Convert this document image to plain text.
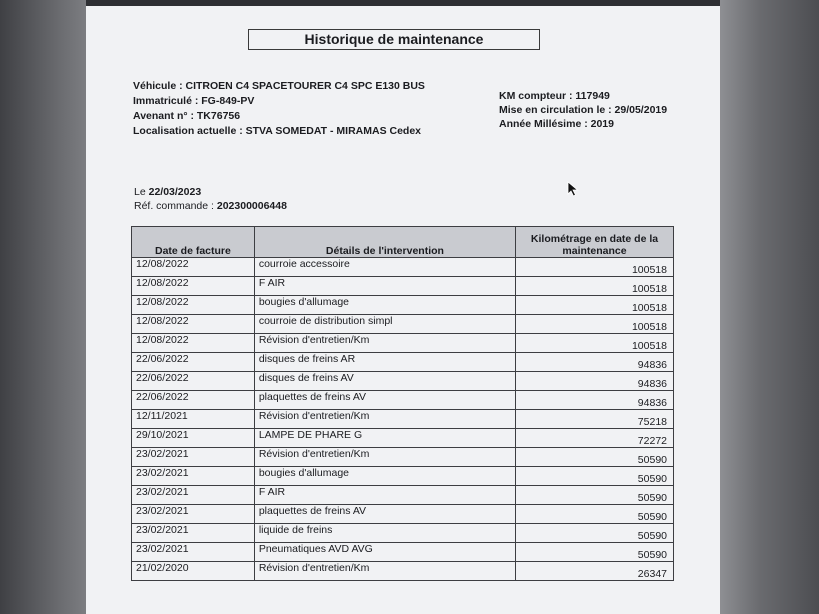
Historique de maintenance
Véhicule : CITROEN C4 SPACETOURER C4 SPC E130 BUS
Immatriculé : FG-849-PV
Avenant n° : TK76756
Localisation actuelle : STVA SOMEDAT - MIRAMAS Cedex
KM compteur : 117949
Mise en circulation le : 29/05/2019
Année Millésime : 2019
Le 22/03/2023
Réf. commande : 202300006448
Date de facture	Détails de l'intervention	Kilométrage en date de la maintenance
12/08/2022	courroie accessoire	100518
12/08/2022	F AIR	100518
12/08/2022	bougies d'allumage	100518
12/08/2022	courroie de distribution simpl	100518
12/08/2022	Révision d'entretien/Km	100518
22/06/2022	disques de freins AR	94836
22/06/2022	disques de freins AV	94836
22/06/2022	plaquettes de freins AV	94836
12/11/2021	Révision d'entretien/Km	75218
29/10/2021	LAMPE DE PHARE G	72272
23/02/2021	Révision d'entretien/Km	50590
23/02/2021	bougies d'allumage	50590
23/02/2021	F AIR	50590
23/02/2021	plaquettes de freins AV	50590
23/02/2021	liquide de freins	50590
23/02/2021	Pneumatiques AVD AVG	50590
21/02/2020	Révision d'entretien/Km	26347
